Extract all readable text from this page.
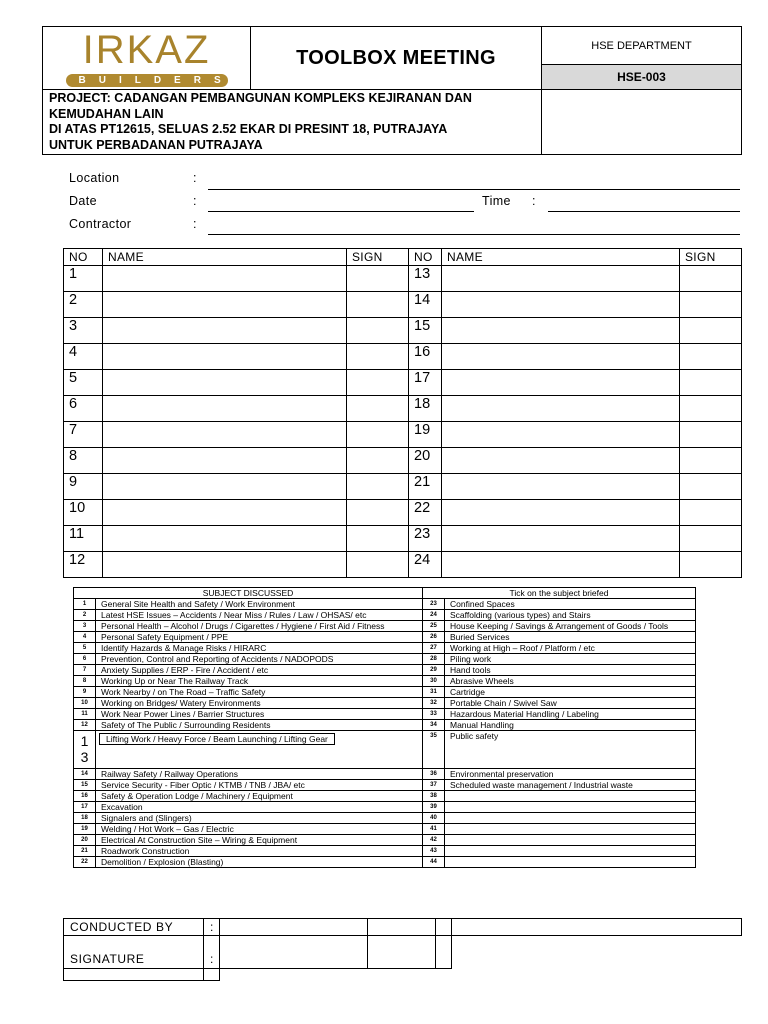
IRKAZ
BUILDERS	TOOLBOX MEETING	HSE DEPARTMENT
		HSE-003

PROJECT: CADANGAN PEMBANGUNAN KOMPLEKS KEJIRANAN DAN
KEMUDAHAN LAIN
DI ATAS PT12615, SELUAS 2.52 EKAR DI PRESINT 18, PUTRAJAYA
UNTUK PERBADANAN PUTRAJAYA		

Location	:
Date	:	Time :
Contractor	:
NO	NAME	SIGN	NO	NAME	SIGN
1			13		
2			14		
3			15		
4			16		
5			17		
6			18		
7			19		
8			20		
9			21		
10			22		
11			23		
12			24		
SUBJECT DISCUSSED		Tick on the subject briefed	
1	General Site Health and Safety / Work Environment	23	Confined Spaces
2	Latest HSE Issues – Accidents / Near Miss / Rules / Law / OHSAS/ etc	24	Scaffolding (various types) and Stairs
3	Personal Health – Alcohol / Drugs / Cigarettes / Hygiene / First Aid / Fitness	25	House Keeping / Savings & Arrangement of Goods / Tools
4	Personal Safety Equipment / PPE	26	Buried Services
5	Identify Hazards & Manage Risks / HIRARC	27	Working at High – Roof / Platform / etc
6	Prevention, Control and Reporting of Accidents / NADOPODS	28	Piling work
7	Anxiety Supplies / ERP - Fire / Accident / etc	29	Hand tools
8	Working Up or Near The Railway Track	30	Abrasive Wheels
9	Work Nearby / on The Road – Traffic Safety	31	Cartridge
10	Working on Bridges/ Watery Environments	32	Portable Chain / Swivel Saw
11	Work Near Power Lines / Barrier Structures	33	Hazardous Material Handling / Labeling
12	Safety of The Public / Surrounding Residents	34	Manual Handling
1
3	Lifting Work / Heavy Force / Beam Launching / Lifting Gear	35	Public safety
14	Railway Safety / Railway Operations	36	Environmental preservation
15	Service Security - Fiber Optic / KTMB / TNB / JBA/ etc	37	Scheduled waste management / Industrial waste
16	Safety & Operation Lodge / Machinery / Equipment	38	
17	Excavation	39	
18	Signalers and (Slingers)	40	
19	Welding / Hot Work – Gas / Electric	41	
20	Electrical At Construction Site – Wiring & Equipment	42	
21	Roadwork Construction	43	
22	Demolition / Explosion (Blasting)	44	
CONDUCTED BY	:				
SIGNATURE	:				
